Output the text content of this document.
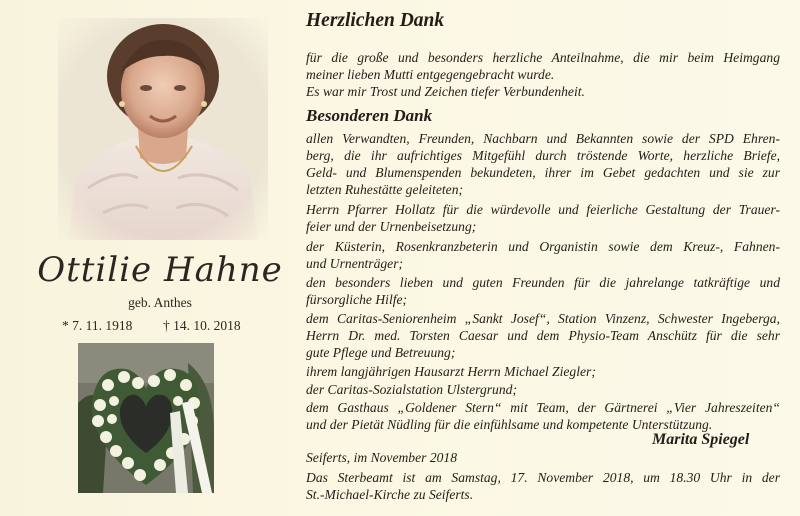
Ottilie Hahne
geb. Anthes
* 7. 11. 1918 † 14. 10. 2018
Herzlichen Dank
für die große und besonders herzliche Anteilnahme, die mir beim Heimgang
meiner lieben Mutti entgegengebracht wurde.
Es war mir Trost und Zeichen tiefer Verbundenheit.
Besonderen Dank
allen Verwandten, Freunden, Nachbarn und Bekannten sowie der SPD Ehren-
berg, die ihr aufrichtiges Mitgefühl durch tröstende Worte, herzliche Briefe,
Geld- und Blumenspenden bekundeten, ihrer im Gebet gedachten und sie zur
letzten Ruhestätte geleiteten;
Herrn Pfarrer Hollatz für die würdevolle und feierliche Gestaltung der Trauer-
feier und der Urnenbeisetzung;
der Küsterin, Rosenkranzbeterin und Organistin sowie dem Kreuz-, Fahnen-
und Urnenträger;
den besonders lieben und guten Freunden für die jahrelange tatkräftige und
fürsorgliche Hilfe;
dem Caritas-Seniorenheim „Sankt Josef“, Station Vinzenz, Schwester Ingeberga,
Herrn Dr. med. Torsten Caesar und dem Physio-Team Anschütz für die sehr
gute Pflege und Betreuung;
ihrem langjährigen Hausarzt Herrn Michael Ziegler;
der Caritas-Sozialstation Ulstergrund;
dem Gasthaus „Goldener Stern“ mit Team, der Gärtnerei „Vier Jahreszeiten“
und der Pietät Nüdling für die einfühlsame und kompetente Unterstützung.
Marita Spiegel
Seiferts, im November 2018
Das Sterbeamt ist am Samstag, 17. November 2018, um 18.30 Uhr in der
St.-Michael-Kirche zu Seiferts.
